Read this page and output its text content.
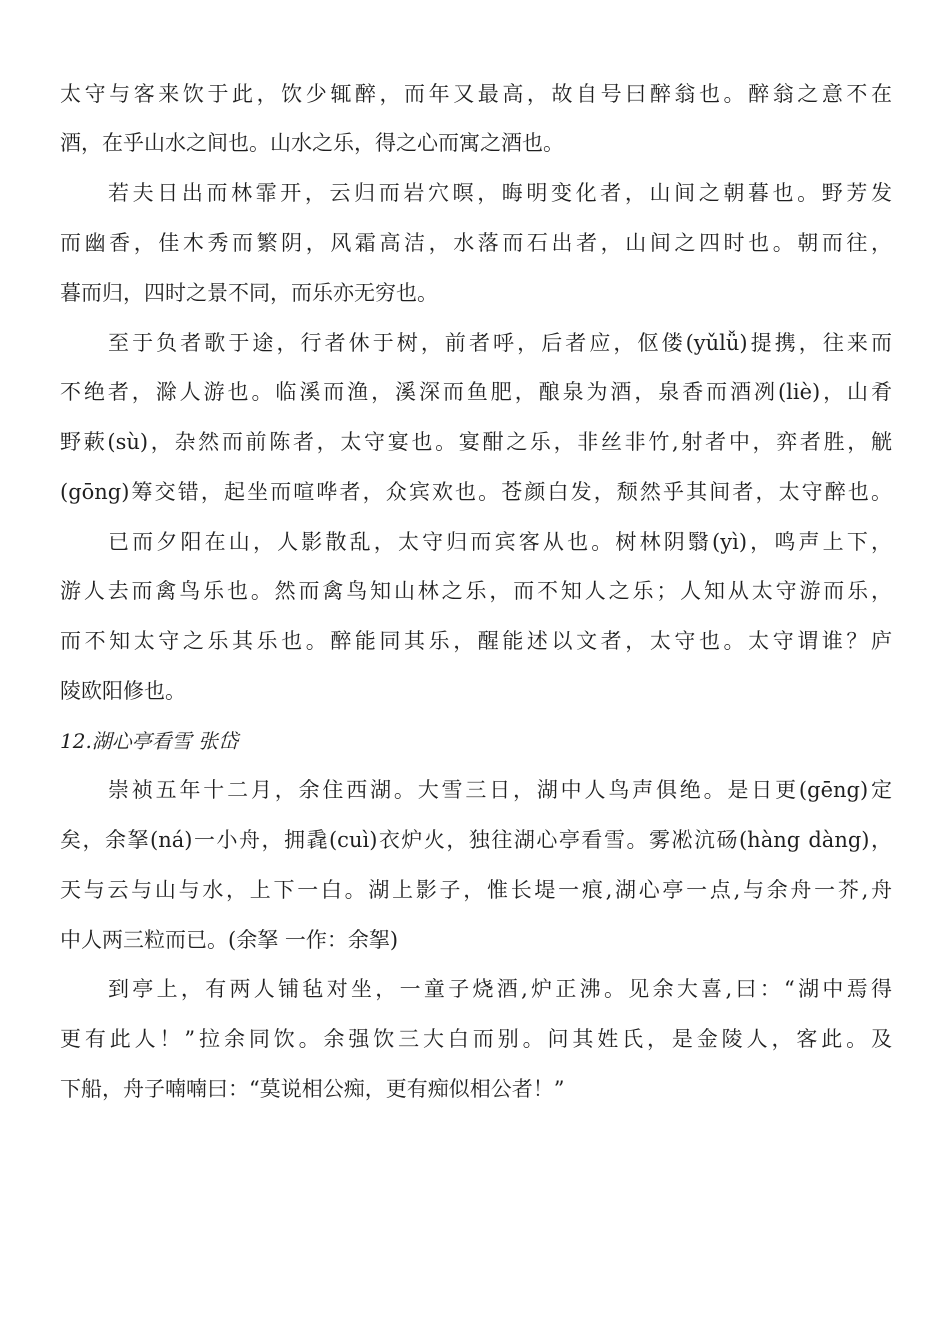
太守与客来饮于此，饮少辄醉，而年又最高，故自号曰醉翁也。醉翁之意不在
酒，在乎山水之间也。山水之乐，得之心而寓之酒也。
若夫日出而林霏开，云归而岩穴暝，晦明变化者，山间之朝暮也。野芳发
而幽香，佳木秀而繁阴，风霜高洁，水落而石出者，山间之四时也。朝而往，
暮而归，四时之景不同，而乐亦无穷也。
至于负者歌于途，行者休于树，前者呼，后者应，伛偻(yǔlǚ)提携，往来而
不绝者，滁人游也。临溪而渔，溪深而鱼肥，酿泉为酒，泉香而酒冽(liè)，山肴
野蔌(sù)，杂然而前陈者，太守宴也。宴酣之乐，非丝非竹,射者中，弈者胜，觥
(gōng)筹交错，起坐而喧哗者，众宾欢也。苍颜白发，颓然乎其间者，太守醉也。
已而夕阳在山，人影散乱，太守归而宾客从也。树林阴翳(yì)，鸣声上下，
游人去而禽鸟乐也。然而禽鸟知山林之乐，而不知人之乐；人知从太守游而乐，
而不知太守之乐其乐也。醉能同其乐，醒能述以文者，太守也。太守谓谁？庐
陵欧阳修也。
12.湖心亭看雪 张岱
崇祯五年十二月，余住西湖。大雪三日，湖中人鸟声俱绝。是日更(gēng)定
矣，余拏(ná)一小舟，拥毳(cuì)衣炉火，独往湖心亭看雪。雾凇沆砀(hàng dàng)，
天与云与山与水，上下一白。湖上影子，惟长堤一痕,湖心亭一点,与余舟一芥,舟
中人两三粒而已。(余拏 一作：余挐)
到亭上，有两人铺毡对坐，一童子烧酒,炉正沸。见余大喜,曰：“湖中焉得
更有此人！”拉余同饮。余强饮三大白而别。问其姓氏，是金陵人，客此。及
下船，舟子喃喃曰：“莫说相公痴，更有痴似相公者！”
